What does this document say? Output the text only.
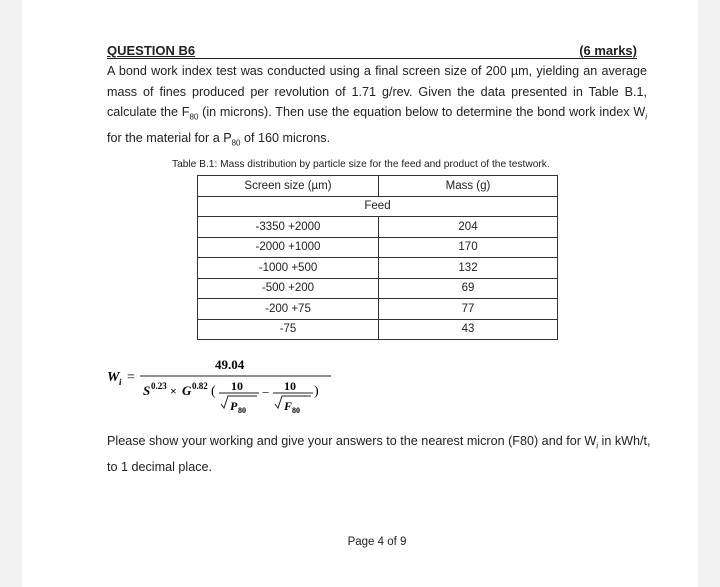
QUESTION B6	(6 marks)
A bond work index test was conducted using a final screen size of 200 µm, yielding an average mass of fines produced per revolution of 1.71 g/rev. Given the data presented in Table B.1, calculate the $F_{80}$ (in microns). Then use the equation below to determine the bond work index $W_i$ for the material for a $P_{80}$ of 160 microns.
Table B.1: Mass distribution by particle size for the feed and product of the testwork.
Screen size (µm)	Mass (g)
Feed	
-3350 +2000	204
-2000 +1000	170
-1000 +500	132
-500 +200	69
-200 +75	77
-75	43
W i =
49.04
S 0.23 × G 0.82 ( 10
P 80
− 10
F 80
)
Please show your working and give your answers to the nearest micron (F80) and for $W_i$ in kWh/t, to 1 decimal place.
Page 4 of 9
